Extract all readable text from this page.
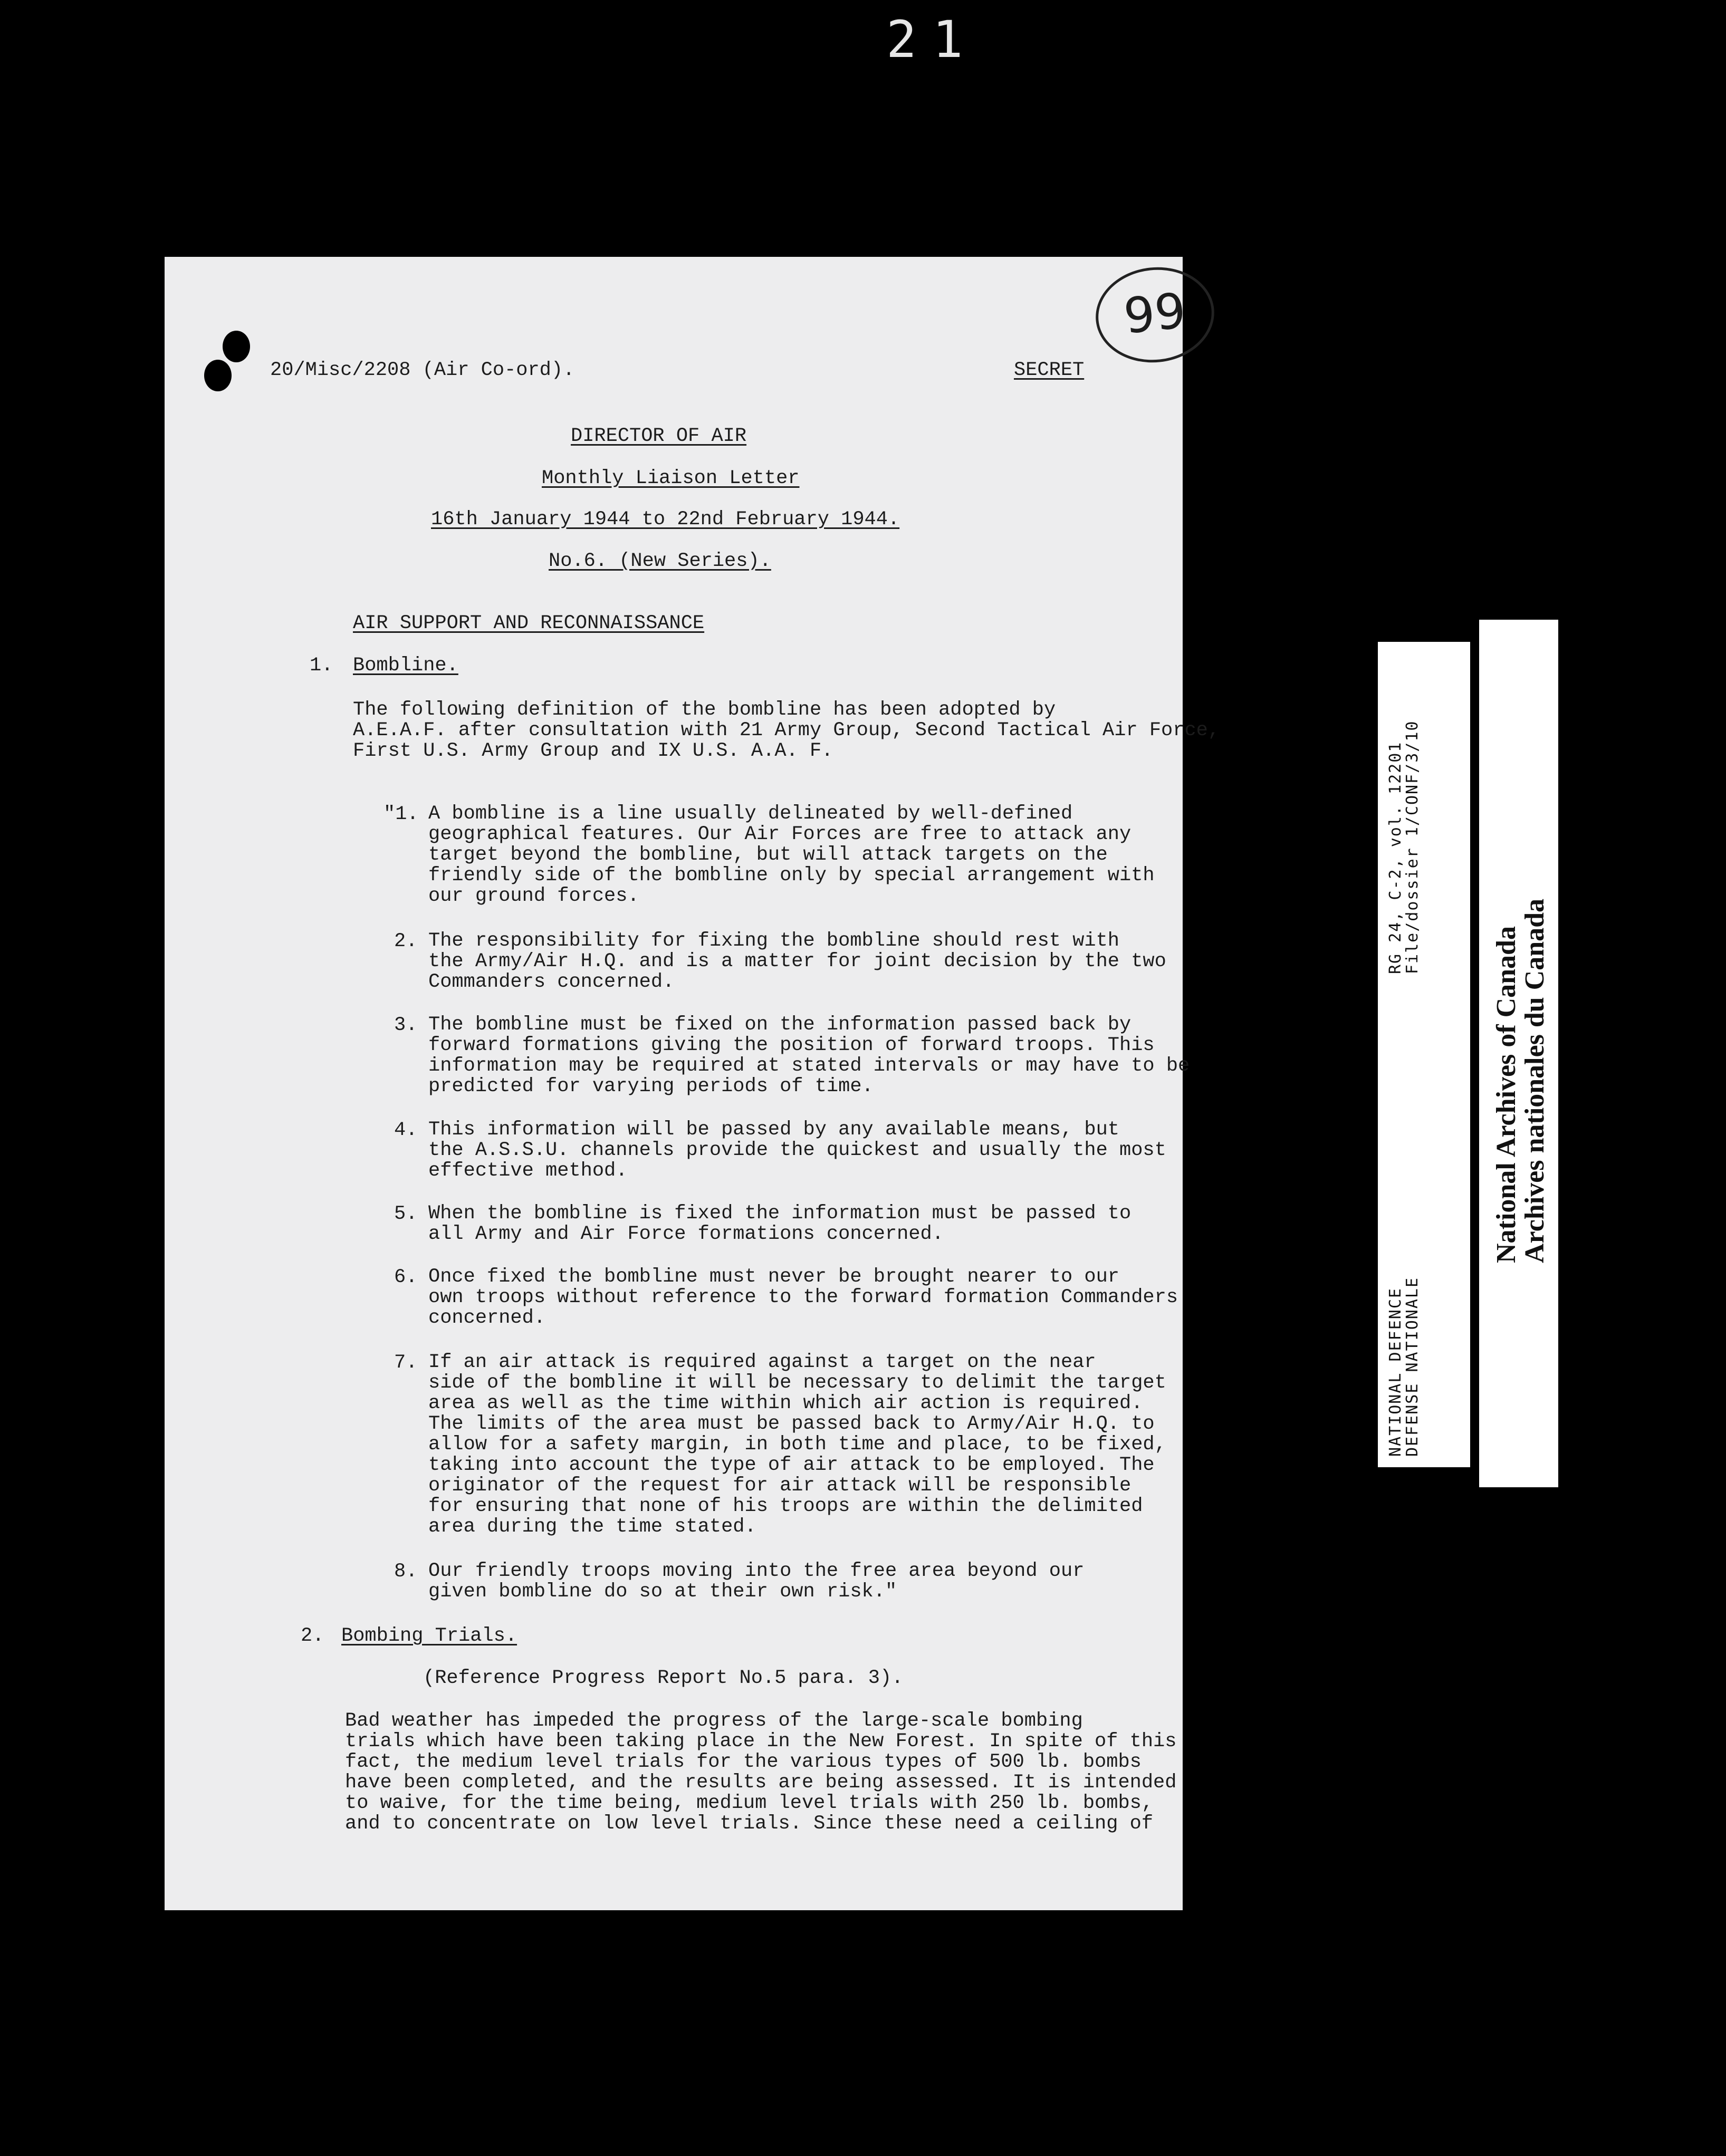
21
20/Misc/2208 (Air Co-ord).	SECRET
99
DIRECTOR OF AIR
Monthly Liaison Letter
16th January 1944 to 22nd February 1944.
No.6. (New Series).
AIR SUPPORT AND RECONNAISSANCE
1. Bombline.
The following definition of the bombline has been adopted by
A.E.A.F. after consultation with 21 Army Group, Second Tactical Air Force,
First U.S. Army Group and IX U.S. A.A. F.
"1. A bombline is a line usually delineated by well-defined
geographical features. Our Air Forces are free to attack any
target beyond the bombline, but will attack targets on the
friendly side of the bombline only by special arrangement with
our ground forces.
2. The responsibility for fixing the bombline should rest with
the Army/Air H.Q. and is a matter for joint decision by the two
Commanders concerned.
3. The bombline must be fixed on the information passed back by
forward formations giving the position of forward troops. This
information may be required at stated intervals or may have to be
predicted for varying periods of time.
4. This information will be passed by any available means, but
the A.S.S.U. channels provide the quickest and usually the most
effective method.
5. When the bombline is fixed the information must be passed to
all Army and Air Force formations concerned.
6. Once fixed the bombline must never be brought nearer to our
own troops without reference to the forward formation Commanders
concerned.
7. If an air attack is required against a target on the near
side of the bombline it will be necessary to delimit the target
area as well as the time within which air action is required.
The limits of the area must be passed back to Army/Air H.Q. to
allow for a safety margin, in both time and place, to be fixed,
taking into account the type of air attack to be employed. The
originator of the request for air attack will be responsible
for ensuring that none of his troops are within the delimited
area during the time stated.
8. Our friendly troops moving into the free area beyond our
given bombline do so at their own risk."
2. Bombing Trials.
(Reference Progress Report No.5 para. 3).
Bad weather has impeded the progress of the large-scale bombing
trials which have been taking place in the New Forest. In spite of this
fact, the medium level trials for the various types of 500 lb. bombs
have been completed, and the results are being assessed. It is intended
to waive, for the time being, medium level trials with 250 lb. bombs,
and to concentrate on low level trials. Since these need a ceiling of
NATIONAL DEFENCE
DEFENSE NATIONALE
RG 24, C-2, vol. 12201
File/dossier 1/CONF/3/10
National Archives of Canada
Archives nationales du Canada
